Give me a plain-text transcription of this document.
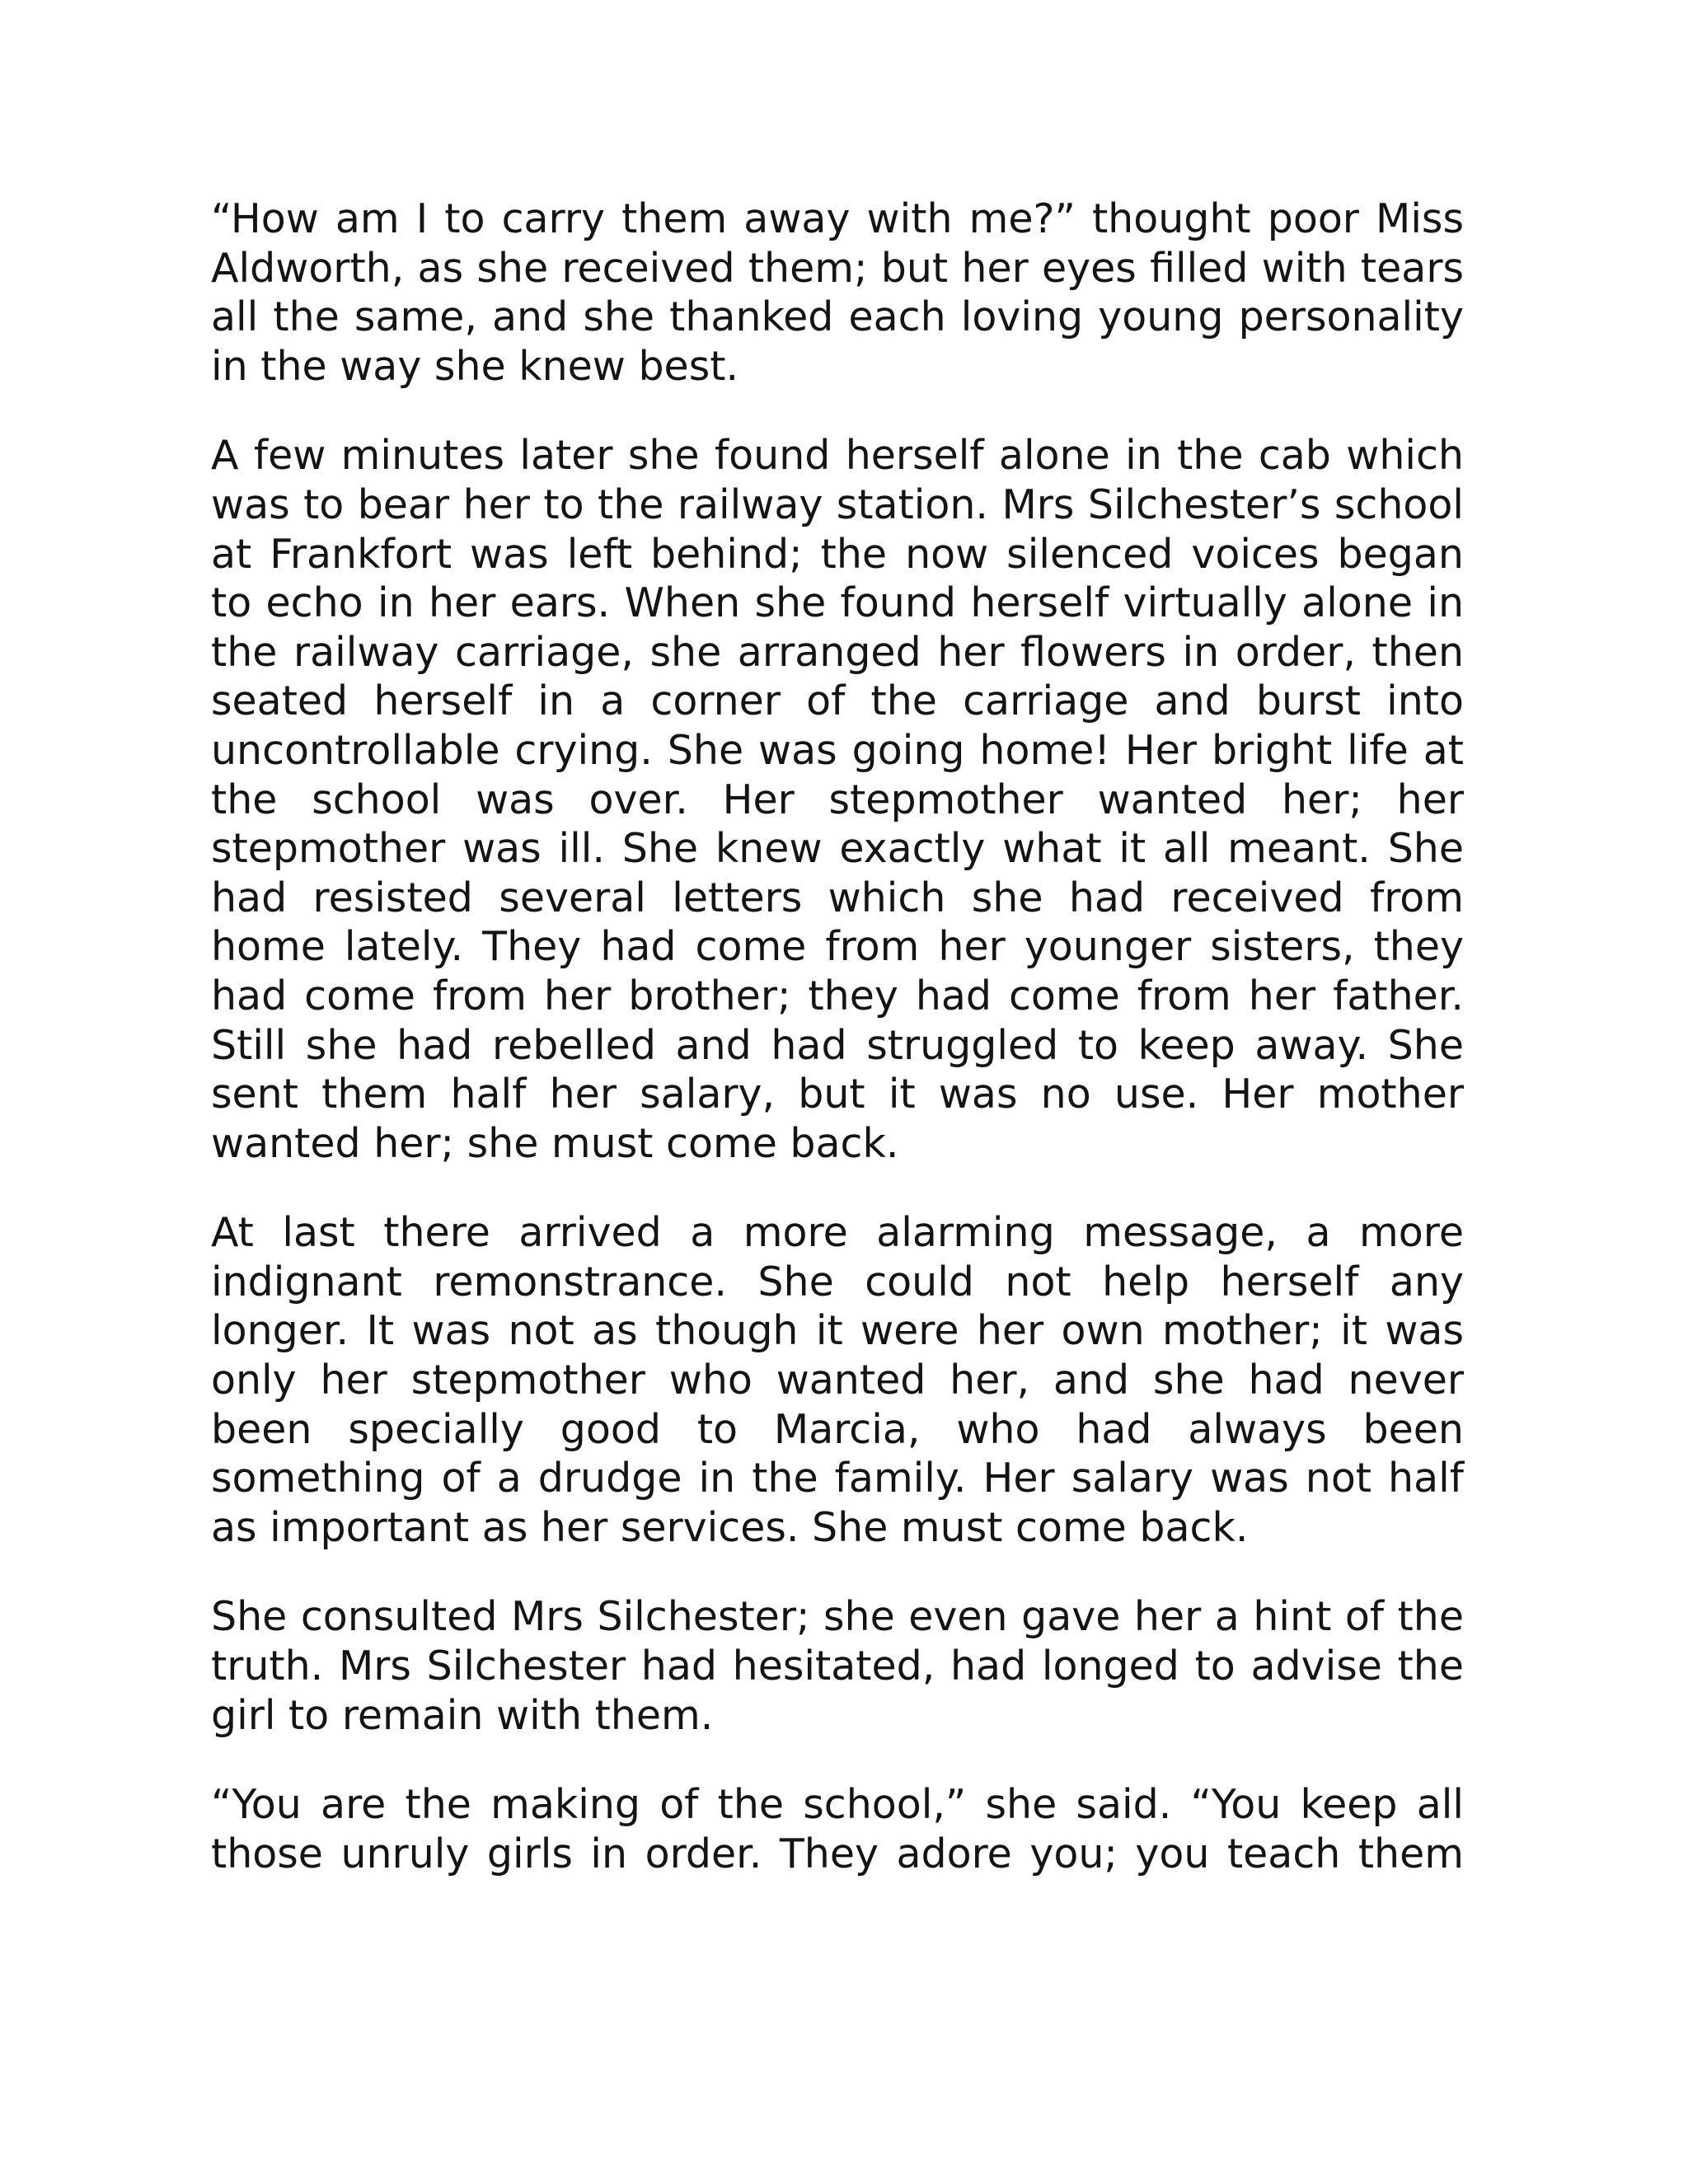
“How am I to carry them away with me?” thought poor Miss Aldworth, as she received them; but her eyes filled with tears all the same, and she thanked each loving young personality in the way she knew best.

A few minutes later she found herself alone in the cab which was to bear her to the railway station. Mrs Silchester’s school at Frankfort was left behind; the now silenced voices began to echo in her ears. When she found herself virtually alone in the railway carriage, she arranged her flowers in order, then seated herself in a corner of the carriage and burst into uncontrollable crying. She was going home! Her bright life at the school was over. Her stepmother wanted her; her stepmother was ill. She knew exactly what it all meant. She had resisted several letters which she had received from home lately. They had come from her younger sisters, they had come from her brother; they had come from her father. Still she had rebelled and had struggled to keep away. She sent them half her salary, but it was no use. Her mother wanted her; she must come back.

At last there arrived a more alarming message, a more indignant remonstrance. She could not help herself any longer. It was not as though it were her own mother; it was only her stepmother who wanted her, and she had never been specially good to Marcia, who had always been something of a drudge in the family. Her salary was not half as important as her services. She must come back.

She consulted Mrs Silchester; she even gave her a hint of the truth. Mrs Silchester had hesitated, had longed to advise the girl to remain with them.

“You are the making of the school,” she said. “You keep all those unruly girls in order. They adore you; you teach them
